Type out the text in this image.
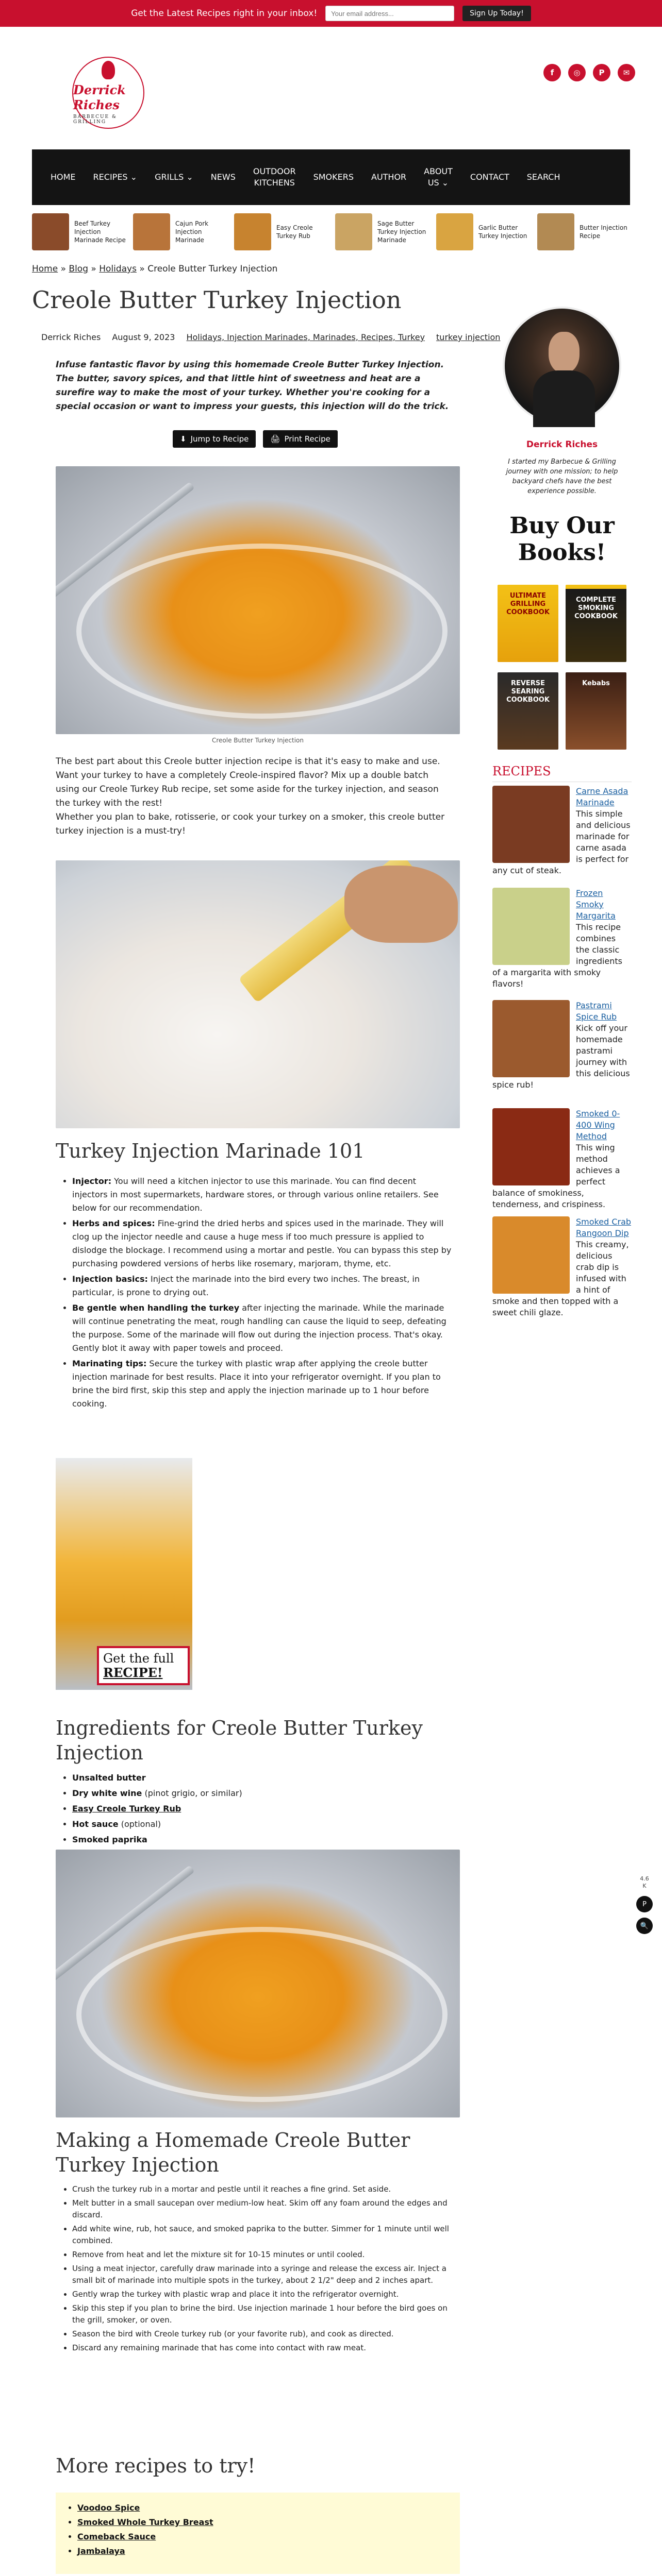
Get the Latest Recipes right in your inbox!
Your email address...	Sign Up Today!
Derrick Riches
BARBECUE & GRILLING
f	◎	P	✉
HOME RECIPES ⌄ GRILLS ⌄ NEWS
OUTDOOR
KITCHENS
SMOKERS AUTHOR
ABOUT
US ⌄
CONTACT SEARCH
Beef Turkey Injection Marinade Recipe
Cajun Pork Injection Marinade
Easy Creole Turkey Rub
Sage Butter Turkey Injection Marinade
Garlic Butter Turkey Injection
Butter Injection Recipe
Home » Blog » Holidays » Creole Butter Turkey Injection
Creole Butter Turkey Injection
Derrick Riches August 9, 2023 Holidays, Injection Marinades, Marinades, Recipes, Turkey turkey injection
Infuse fantastic flavor by using this homemade Creole Butter Turkey Injection. The butter, savory spices, and that little hint of sweetness and heat are a surefire way to make the most of your turkey. Whether you're cooking for a special occasion or want to impress your guests, this injection will do the trick.
⬇ Jump to Recipe	🖨 Print Recipe
Creole Butter Turkey Injection
The best part about this Creole butter injection recipe is that it's easy to make and use. Want your turkey to have a completely Creole-inspired flavor? Mix up a double batch using our Creole Turkey Rub recipe, set some aside for the turkey injection, and season the turkey with the rest!
Whether you plan to bake, rotisserie, or cook your turkey on a smoker, this creole butter turkey injection is a must-try!
Turkey Injection Marinade 101
• Injector: You will need a kitchen injector to use this marinade. You can find decent injectors in most supermarkets, hardware stores, or through various online retailers. See below for our recommendation.
• Herbs and spices: Fine-grind the dried herbs and spices used in the marinade. They will clog up the injector needle and cause a huge mess if too much pressure is applied to dislodge the blockage. I recommend using a mortar and pestle. You can bypass this step by purchasing powdered versions of herbs like rosemary, marjoram, thyme, etc.
• Injection basics: Inject the marinade into the bird every two inches. The breast, in particular, is prone to drying out.
• Be gentle when handling the turkey after injecting the marinade. While the marinade will continue penetrating the meat, rough handling can cause the liquid to seep, defeating the purpose. Some of the marinade will flow out during the injection process. That's okay. Gently blot it away with paper towels and proceed.
• Marinating tips: Secure the turkey with plastic wrap after applying the creole butter injection marinade for best results. Place it into your refrigerator overnight. If you plan to brine the bird first, skip this step and apply the injection marinade up to 1 hour before cooking.
Get the full
RECIPE!
Ingredients for Creole Butter Turkey Injection
• Unsalted butter
• Dry white wine (pinot grigio, or similar)
• Easy Creole Turkey Rub
• Hot sauce (optional)
• Smoked paprika
Making a Homemade Creole Butter Turkey Injection
• Crush the turkey rub in a mortar and pestle until it reaches a fine grind. Set aside.
• Melt butter in a small saucepan over medium-low heat. Skim off any foam around the edges and discard.
• Add white wine, rub, hot sauce, and smoked paprika to the butter. Simmer for 1 minute until well combined.
• Remove from heat and let the mixture sit for 10-15 minutes or until cooled.
• Using a meat injector, carefully draw marinade into a syringe and release the excess air. Inject a small bit of marinade into multiple spots in the turkey, about 2 1/2" deep and 2 inches apart.
• Gently wrap the turkey with plastic wrap and place it into the refrigerator overnight.
• Skip this step if you plan to brine the bird. Use injection marinade 1 hour before the bird goes on the grill, smoker, or oven.
• Season the bird with Creole turkey rub (or your favorite rub), and cook as directed.
• Discard any remaining marinade that has come into contact with raw meat.
More recipes to try!
• Voodoo Spice
• Smoked Whole Turkey Breast
• Comeback Sauce
• Jambalaya
Derrick Riches
I started my Barbecue & Grilling journey with one mission; to help backyard chefs have the best experience possible.
Buy Our Books!
ULTIMATE GRILLING COOKBOOK
COMPLETE SMOKING COOKBOOK
REVERSE SEARING COOKBOOK
Kebabs
RECIPES
Carne Asada Marinade
This simple and delicious marinade for carne asada is perfect for any cut of steak.
Frozen Smoky Margarita
This recipe combines the classic ingredients of a margarita with smoky flavors!
Pastrami Spice Rub
Kick off your homemade pastrami journey with this delicious spice rub!
Smoked 0-400 Wing Method
This wing method achieves a perfect balance of smokiness, tenderness, and crispiness.
Smoked Crab Rangoon Dip
This creamy, delicious crab dip is infused with a hint of smoke and then topped with a sweet chili glaze.
4.6
K
P
🔍
